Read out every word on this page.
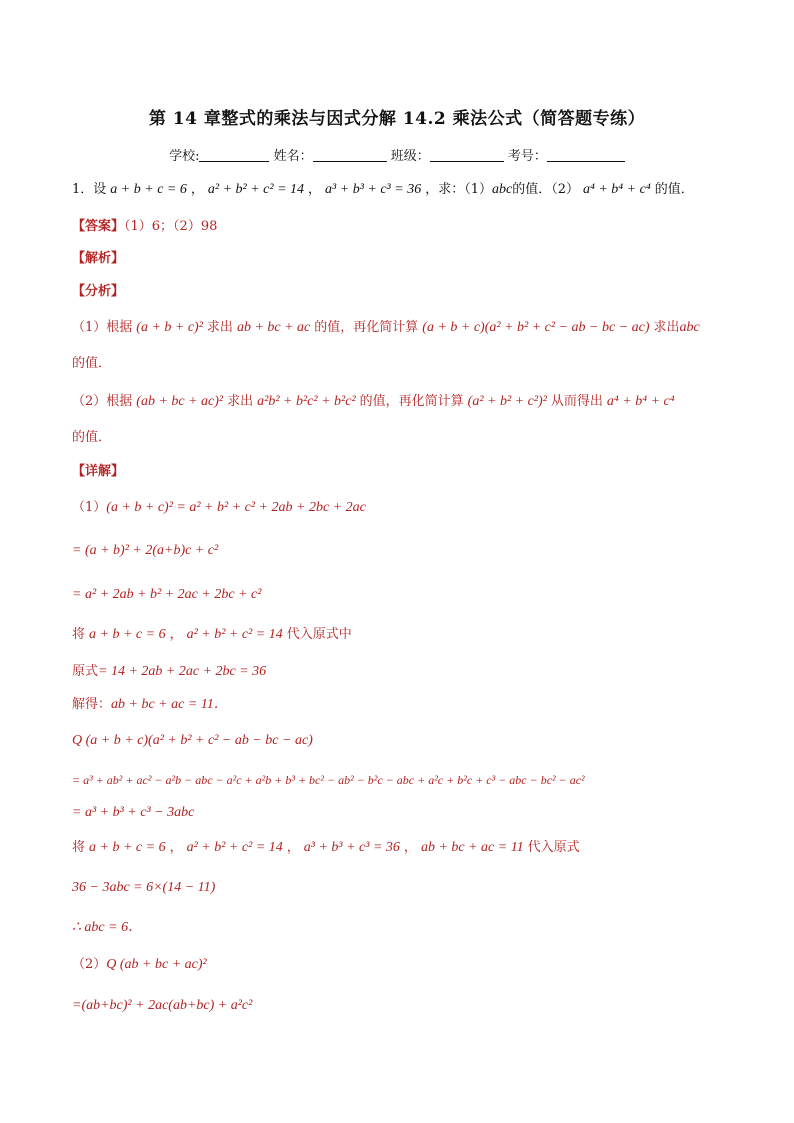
第 14 章整式的乘法与因式分解 14.2 乘法公式（简答题专练）
学校:	姓名：	班级：	考号：
1．设 a + b + c = 6 ， a² + b² + c² = 14 ， a³ + b³ + c³ = 36 ，求：（1）abc的值．（2） a⁴ + b⁴ + c⁴ 的值．
【答案】（1）6；（2）98
【解析】
【分析】
（1）根据 (a + b + c)² 求出 ab + bc + ac 的值，再化简计算 (a + b + c)(a² + b² + c² − ab − bc − ac) 求出abc
的值．
（2）根据 (ab + bc + ac)² 求出 a²b² + b²c² + b²c² 的值，再化简计算 (a² + b² + c²)² 从而得出 a⁴ + b⁴ + c⁴
的值．
【详解】
（1）(a + b + c)² = a² + b² + c² + 2ab + 2bc + 2ac
= (a + b)² + 2(a+b)c + c²
= a² + 2ab + b² + 2ac + 2bc + c²
将 a + b + c = 6 ， a² + b² + c² = 14 代入原式中
原式= 14 + 2ab + 2ac + 2bc = 36
解得：ab + bc + ac = 11．
Q (a + b + c)(a² + b² + c² − ab − bc − ac)
= a³ + ab² + ac² − a²b − abc − a²c + a²b + b³ + bc² − ab² − b²c − abc + a²c + b²c + c³ − abc − bc² − ac²
= a³ + b³ + c³ − 3abc
将 a + b + c = 6 ， a² + b² + c² = 14 ， a³ + b³ + c³ = 36 ， ab + bc + ac = 11 代入原式
36 − 3abc = 6×(14 − 11)
∴ abc = 6．
（2）Q (ab + bc + ac)²
=(ab+bc)² + 2ac(ab+bc) + a²c²
